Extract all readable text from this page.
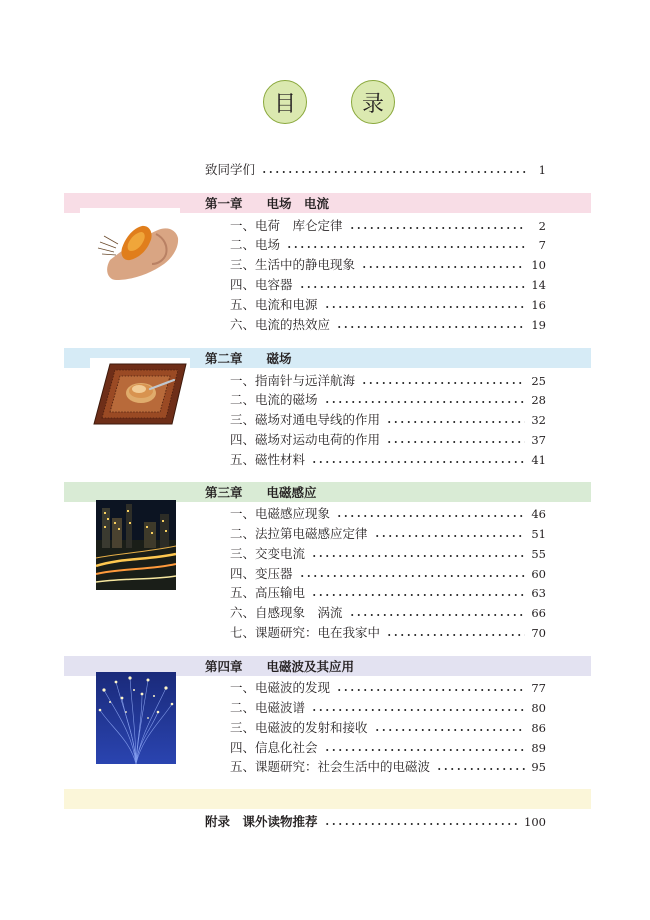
目	录
致同学们	1
第一章 电场　电流
一、电荷　库仑定律	2
二、电场	7
三、生活中的静电现象	10
四、电容器	14
五、电流和电源	16
六、电流的热效应	19
第二章 磁场
一、指南针与远洋航海	25
二、电流的磁场	28
三、磁场对通电导线的作用	32
四、磁场对运动电荷的作用	37
五、磁性材料	41
第三章 电磁感应
一、电磁感应现象	46
二、法拉第电磁感应定律	51
三、交变电流	55
四、变压器	60
五、高压输电	63
六、自感现象　涡流	66
七、课题研究：电在我家中	70
第四章 电磁波及其应用
一、电磁波的发现	77
二、电磁波谱	80
三、电磁波的发射和接收	86
四、信息化社会	89
五、课题研究：社会生活中的电磁波	95
附录　课外读物推荐	100
